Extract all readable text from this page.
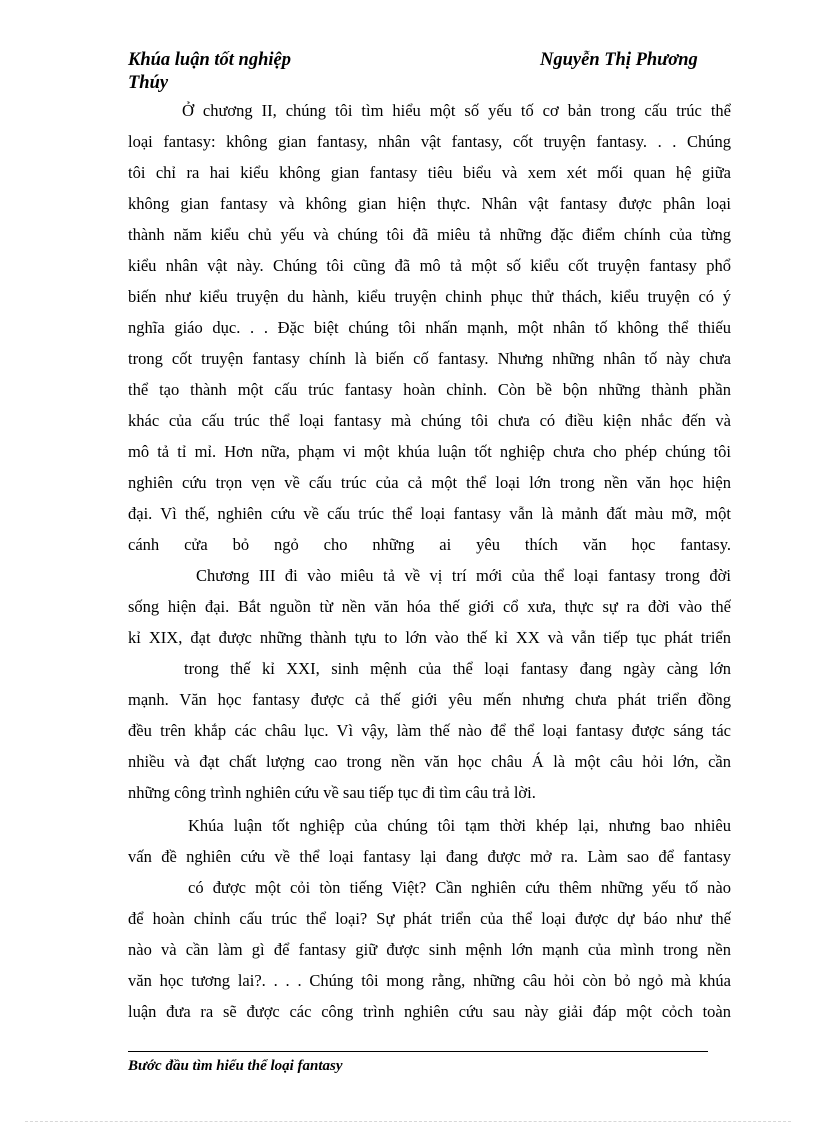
Khúa luận tốt nghiệp	Nguyễn Thị Phương
Thúy
Ở chương II, chúng tôi tìm hiểu một số yếu tố cơ bản trong cấu trúc thể
loại fantasy: không gian fantasy, nhân vật fantasy, cốt truyện fantasy. . . Chúng
tôi chỉ ra hai kiểu không gian fantasy tiêu biểu và xem xét mối quan hệ giữa
không gian fantasy và không gian hiện thực. Nhân vật fantasy được phân loại
thành năm kiểu chủ yếu và chúng tôi đã miêu tả những đặc điểm chính của từng
kiểu nhân vật này. Chúng tôi cũng đã mô tả một số kiểu cốt truyện fantasy phổ
biến như kiểu truyện du hành, kiểu truyện chinh phục thử thách, kiểu truyện có ý
nghĩa giáo dục. . . Đặc biệt chúng tôi nhấn mạnh, một nhân tố không thể thiếu
trong cốt truyện fantasy chính là biến cố fantasy. Nhưng những nhân tố này chưa
thể tạo thành một cấu trúc fantasy hoàn chỉnh. Còn bề bộn những thành phần
khác của cấu trúc thể loại fantasy mà chúng tôi chưa có điều kiện nhắc đến và
mô tả tỉ mỉ. Hơn nữa, phạm vi một khúa luận tốt nghiệp chưa cho phép chúng tôi
nghiên cứu trọn vẹn về cấu trúc của cả một thể loại lớn trong nền văn học hiện
đại. Vì thế, nghiên cứu về cấu trúc thể loại fantasy vẫn là mảnh đất màu mỡ, một
cánh cửa bỏ ngỏ cho những ai yêu thích văn học fantasy.
Chương III đi vào miêu tả về vị trí mới của thể loại fantasy trong đời
sống hiện đại. Bắt nguồn từ nền văn hóa thế giới cổ xưa, thực sự ra đời vào thế
kỉ XIX, đạt được những thành tựu to lớn vào thế kỉ XX và vẫn tiếp tục phát triển
trong thế kỉ XXI, sinh mệnh của thể loại fantasy đang ngày càng lớn
mạnh. Văn học fantasy được cả thế giới yêu mến nhưng chưa phát triển đồng
đều trên khắp các châu lục. Vì vậy, làm thế nào để thể loại fantasy được sáng tác
nhiều và đạt chất lượng cao trong nền văn học châu Á là một câu hỏi lớn, cần
những công trình nghiên cứu về sau tiếp tục đi tìm câu trả lời.
Khúa luận tốt nghiệp của chúng tôi tạm thời khép lại, nhưng bao nhiêu
vấn đề nghiên cứu về thể loại fantasy lại đang được mở ra. Làm sao để fantasy
có được một cỏi tòn tiếng Việt? Cần nghiên cứu thêm những yếu tố nào
để hoàn chỉnh cấu trúc thể loại? Sự phát triển của thể loại được dự báo như thế
nào và cần làm gì để fantasy giữ được sinh mệnh lớn mạnh của mình trong nền
văn học tương lai?. . . . Chúng tôi mong rằng, những câu hỏi còn bỏ ngỏ mà khúa
luận đưa ra sẽ được các công trình nghiên cứu sau này giải đáp một cỏch toàn
Bước đầu tìm hiểu thể loại fantasy
